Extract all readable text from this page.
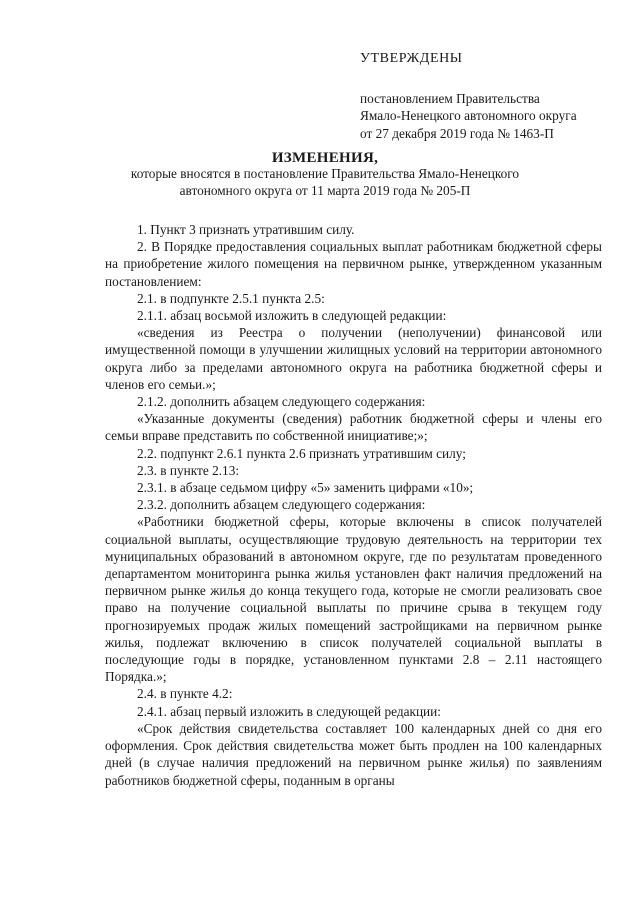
УТВЕРЖДЕНЫ
постановлением Правительства
Ямало-Ненецкого автономного округа
от 27 декабря 2019 года № 1463-П
ИЗМЕНЕНИЯ,
которые вносятся в постановление Правительства Ямало-Ненецкого
автономного округа от 11 марта 2019 года № 205-П

1. Пункт 3 признать утратившим силу.

2. В Порядке предоставления социальных выплат работникам бюджетной сферы на приобретение жилого помещения на первичном рынке, утвержденном указанным постановлением:

2.1. в подпункте 2.5.1 пункта 2.5:

2.1.1. абзац восьмой изложить в следующей редакции:

«сведения из Реестра о получении (неполучении) финансовой или имущественной помощи в улучшении жилищных условий на территории автономного округа либо за пределами автономного округа на работника бюджетной сферы и членов его семьи.»;

2.1.2. дополнить абзацем следующего содержания:

«Указанные документы (сведения) работник бюджетной сферы и члены его семьи вправе представить по собственной инициативе;»;

2.2. подпункт 2.6.1 пункта 2.6 признать утратившим силу;

2.3. в пункте 2.13:

2.3.1. в абзаце седьмом цифру «5» заменить цифрами «10»;

2.3.2. дополнить абзацем следующего содержания:

«Работники бюджетной сферы, которые включены в список получателей социальной выплаты, осуществляющие трудовую деятельность на территории тех муниципальных образований в автономном округе, где по результатам проведенного департаментом мониторинга рынка жилья установлен факт наличия предложений на первичном рынке жилья до конца текущего года, которые не смогли реализовать свое право на получение социальной выплаты по причине срыва в текущем году прогнозируемых продаж жилых помещений застройщиками на первичном рынке жилья, подлежат включению в список получателей социальной выплаты в последующие годы в порядке, установленном пунктами 2.8 – 2.11 настоящего Порядка.»;

2.4. в пункте 4.2:

2.4.1. абзац первый изложить в следующей редакции:

«Срок действия свидетельства составляет 100 календарных дней со дня его оформления. Срок действия свидетельства может быть продлен на 100 календарных дней (в случае наличия предложений на первичном рынке жилья) по заявлениям работников бюджетной сферы, поданным в органы
